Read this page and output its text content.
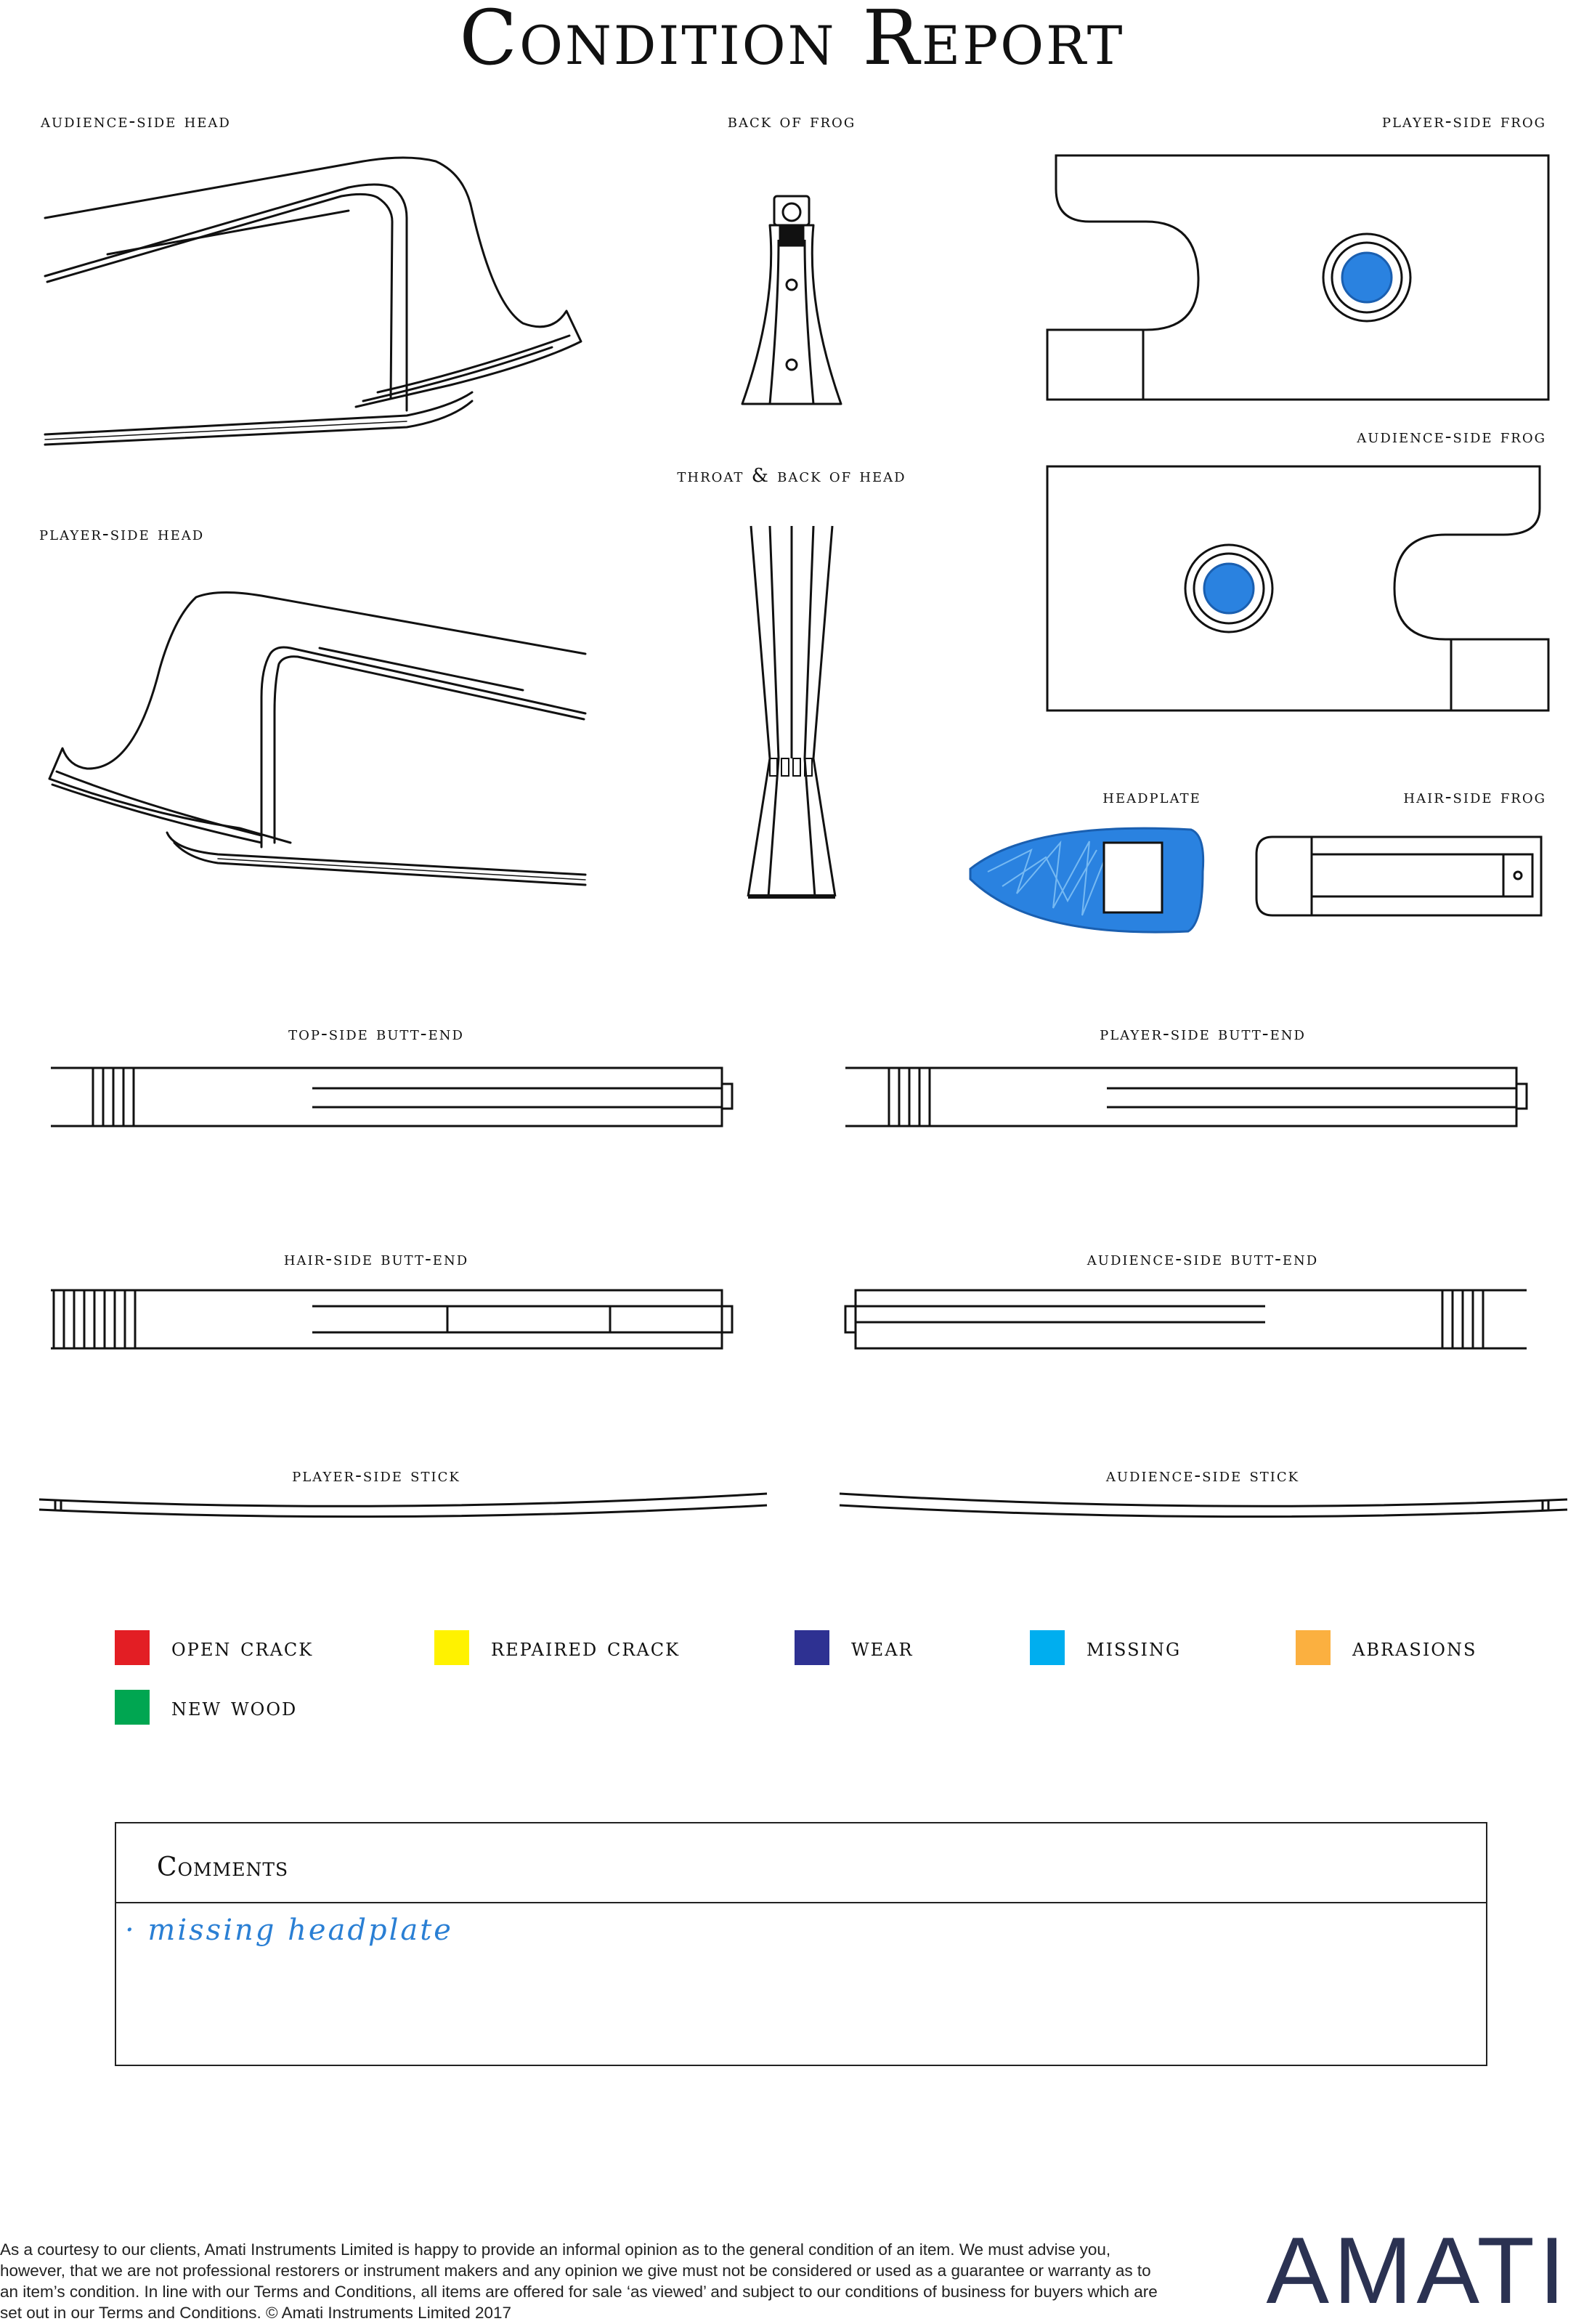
Condition Report
audience-side head	back of frog	player-side frog
audience-side frog
throat & back of head
player-side head
headplate	hair-side frog
top-side butt-end	player-side butt-end
hair-side butt-end	audience-side butt-end
player-side stick	audience-side stick
open crack	repaired crack	wear	missing	abrasions
new wood
Comments
· missing headplate
As a courtesy to our clients, Amati Instruments Limited is happy to provide an informal opinion as to the general condition of an item. We must advise you, however, that we are not professional restorers or instrument makers and any opinion we give must not be considered or used as a guarantee or warranty as to an item’s condition. In line with our Terms and Conditions, all items are offered for sale ‘as viewed’ and subject to our conditions of business for buyers which are set out in our Terms and Conditions. © Amati Instruments Limited 2017	AMATI
